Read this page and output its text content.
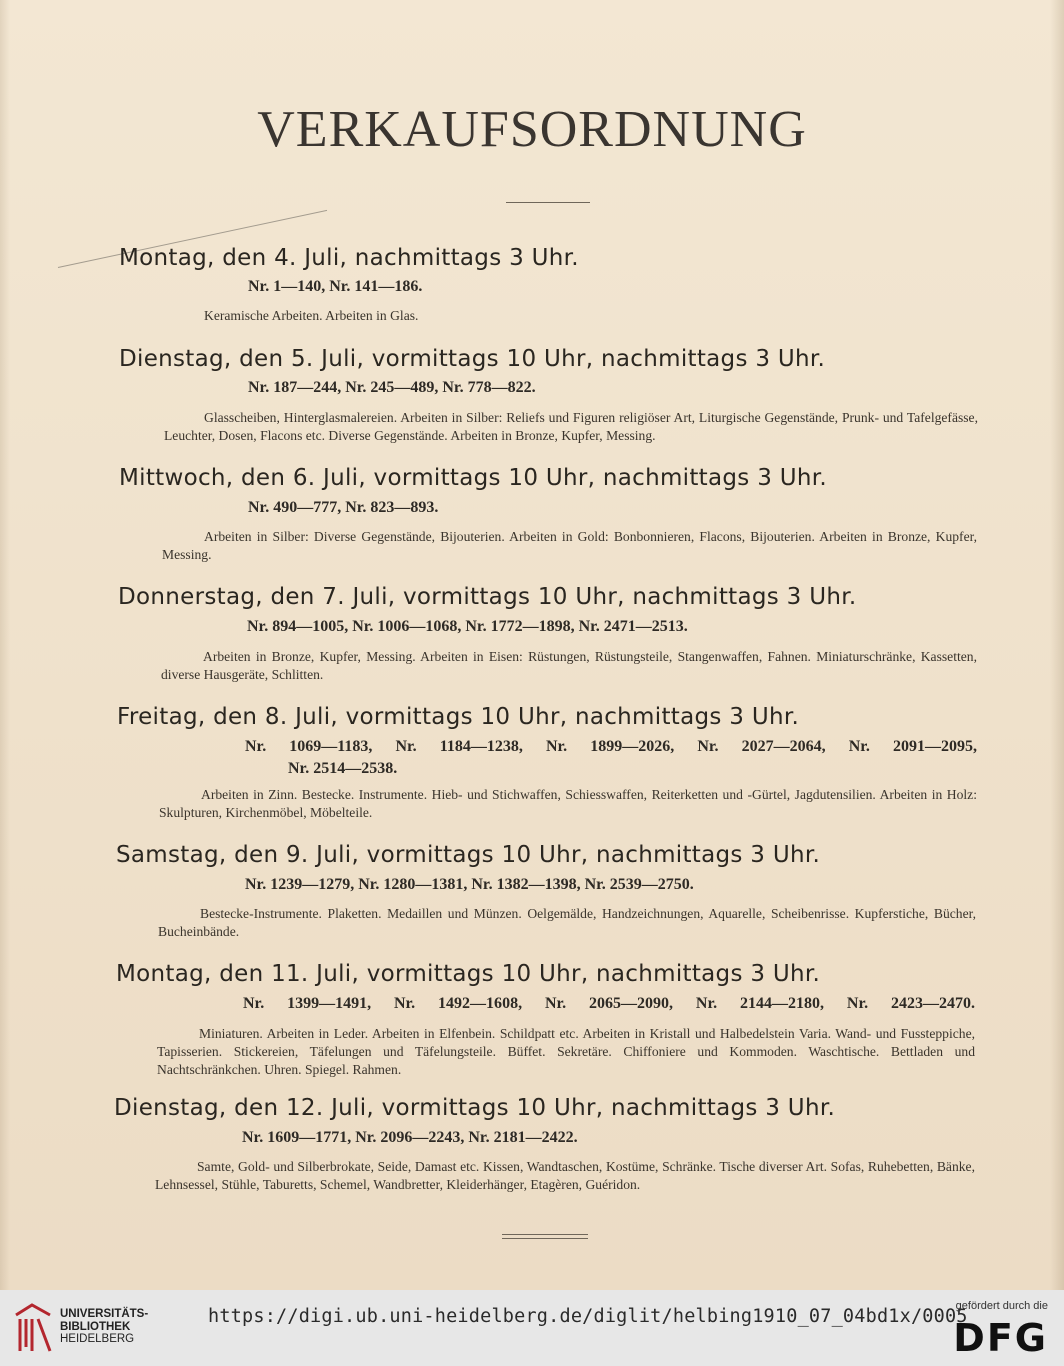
VERKAUFSORDNUNG
Montag, den 4. Juli, nachmittags 3 Uhr.

Nr. 1—140, Nr. 141—186.

Keramische Arbeiten. Arbeiten in Glas.

Dienstag, den 5. Juli, vormittags 10 Uhr, nachmittags 3 Uhr.

Nr. 187—244, Nr. 245—489, Nr. 778—822.

Glasscheiben, Hinterglasmalereien. Arbeiten in Silber: Reliefs und Figuren religiöser Art, Liturgische Gegenstände, Prunk- und Tafelgefässe, Leuchter, Dosen, Flacons etc. Diverse Gegenstände. Arbeiten in Bronze, Kupfer, Messing.

Mittwoch, den 6. Juli, vormittags 10 Uhr, nachmittags 3 Uhr.

Nr. 490—777, Nr. 823—893.

Arbeiten in Silber: Diverse Gegenstände, Bijouterien. Arbeiten in Gold: Bonbonnieren, Flacons, Bijouterien. Arbeiten in Bronze, Kupfer, Messing.

Donnerstag, den 7. Juli, vormittags 10 Uhr, nachmittags 3 Uhr.

Nr. 894—1005, Nr. 1006—1068, Nr. 1772—1898, Nr. 2471—2513.

Arbeiten in Bronze, Kupfer, Messing. Arbeiten in Eisen: Rüstungen, Rüstungsteile, Stangenwaffen, Fahnen. Miniaturschränke, Kassetten, diverse Hausgeräte, Schlitten.

Freitag, den 8. Juli, vormittags 10 Uhr, nachmittags 3 Uhr.

Nr. 1069—1183, Nr. 1184—1238, Nr. 1899—2026, Nr. 2027—2064, Nr. 2091—2095,

Nr. 2514—2538.

Arbeiten in Zinn. Bestecke. Instrumente. Hieb- und Stichwaffen, Schiesswaffen, Reiterketten und -Gürtel, Jagdutensilien. Arbeiten in Holz: Skulpturen, Kirchenmöbel, Möbelteile.

Samstag, den 9. Juli, vormittags 10 Uhr, nachmittags 3 Uhr.

Nr. 1239—1279, Nr. 1280—1381, Nr. 1382—1398, Nr. 2539—2750.

Bestecke-Instrumente. Plaketten. Medaillen und Münzen. Oelgemälde, Handzeichnungen, Aquarelle, Scheibenrisse. Kupferstiche, Bücher, Bucheinbände.

Montag, den 11. Juli, vormittags 10 Uhr, nachmittags 3 Uhr.

Nr. 1399—1491, Nr. 1492—1608, Nr. 2065—2090, Nr. 2144—2180, Nr. 2423—2470.

Miniaturen. Arbeiten in Leder. Arbeiten in Elfenbein. Schildpatt etc. Arbeiten in Kristall und Halbedelstein Varia. Wand- und Fussteppiche, Tapisserien. Stickereien, Täfelungen und Täfelungsteile. Büffet. Sekretäre. Chiffoniere und Kommoden. Waschtische. Bettladen und Nachtschränkchen. Uhren. Spiegel. Rahmen.

Dienstag, den 12. Juli, vormittags 10 Uhr, nachmittags 3 Uhr.

Nr. 1609—1771, Nr. 2096—2243, Nr. 2181—2422.

Samte, Gold- und Silberbrokate, Seide, Damast etc. Kissen, Wandtaschen, Kostüme, Schränke. Tische diverser Art. Sofas, Ruhebetten, Bänke, Lehnsessel, Stühle, Taburetts, Schemel, Wandbretter, Kleiderhänger, Etagèren, Guéridon.

UNIVERSITÄTS-
BIBLIOTHEK

HEIDELBERG
https://digi.ub.uni-heidelberg.de/diglit/helbing1910_07_04bd1x/0005
gefördert durch die
DFG
